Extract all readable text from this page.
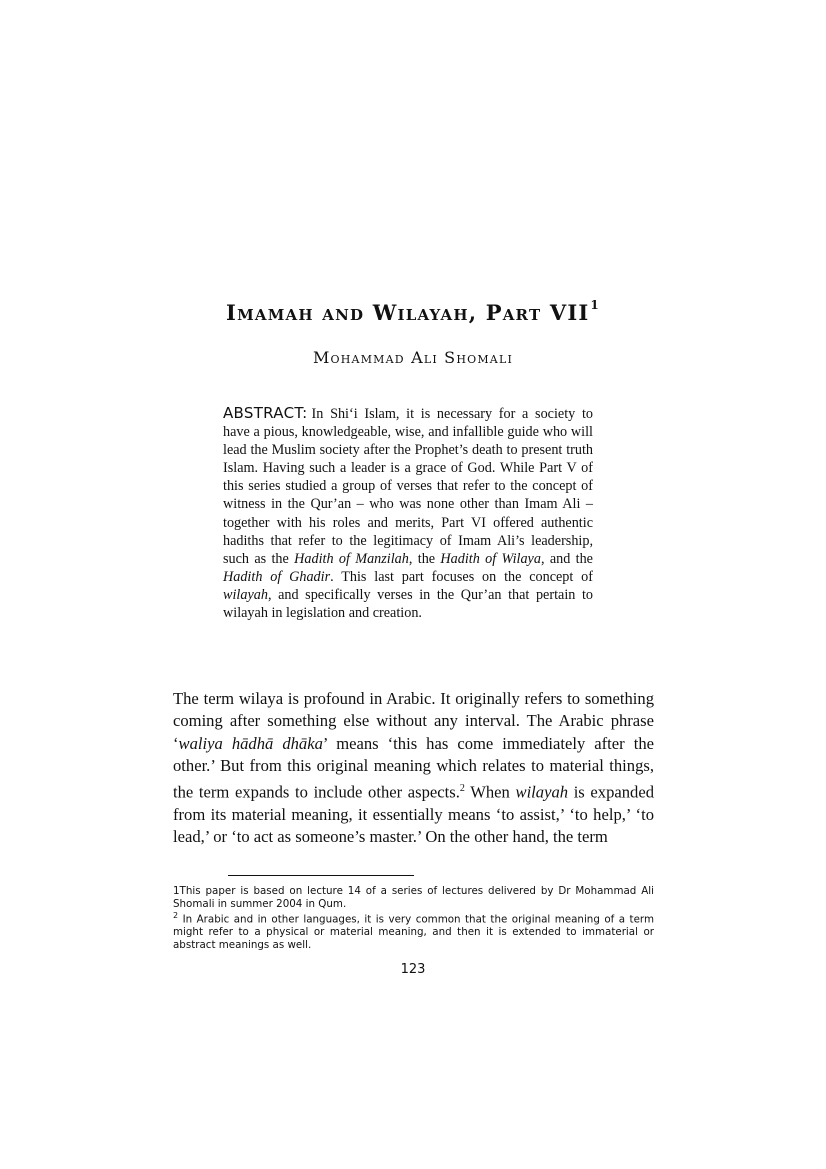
Imamah and Wilayah, Part VII$^1$
Mohammad Ali Shomali

ABSTRACT: In Shi‘i Islam, it is necessary for a society to have a pious, knowledgeable, wise, and infallible guide who will lead the Muslim society after the Prophet’s death to present truth Islam. Having such a leader is a grace of God. While Part V of this series studied a group of verses that refer to the concept of witness in the Qur’an – who was none other than Imam Ali – together with his roles and merits, Part VI offered authentic hadiths that refer to the legitimacy of Imam Ali’s leadership, such as the Hadith of Manzilah, the Hadith of Wilaya, and the Hadith of Ghadir. This last part focuses on the concept of wilayah, and specifically verses in the Qur’an that pertain to wilayah in legislation and creation.

The term wilaya is profound in Arabic. It originally refers to something coming after something else without any interval. The Arabic phrase ‘waliya hādhā dhāka’ means ‘this has come immediately after the other.’ But from this original meaning which relates to material things, the term expands to include other aspects.$^2$ When wilayah is expanded from its material meaning, it essentially means ‘to assist,’ ‘to help,’ ‘to lead,’ or ‘to act as someone’s master.’ On the other hand, the term

1This paper is based on lecture 14 of a series of lectures delivered by Dr Mohammad Ali Shomali in summer 2004 in Qum.

$^2$ In Arabic and in other languages, it is very common that the original meaning of a term might refer to a physical or material meaning, and then it is extended to immaterial or abstract meanings as well.

123
